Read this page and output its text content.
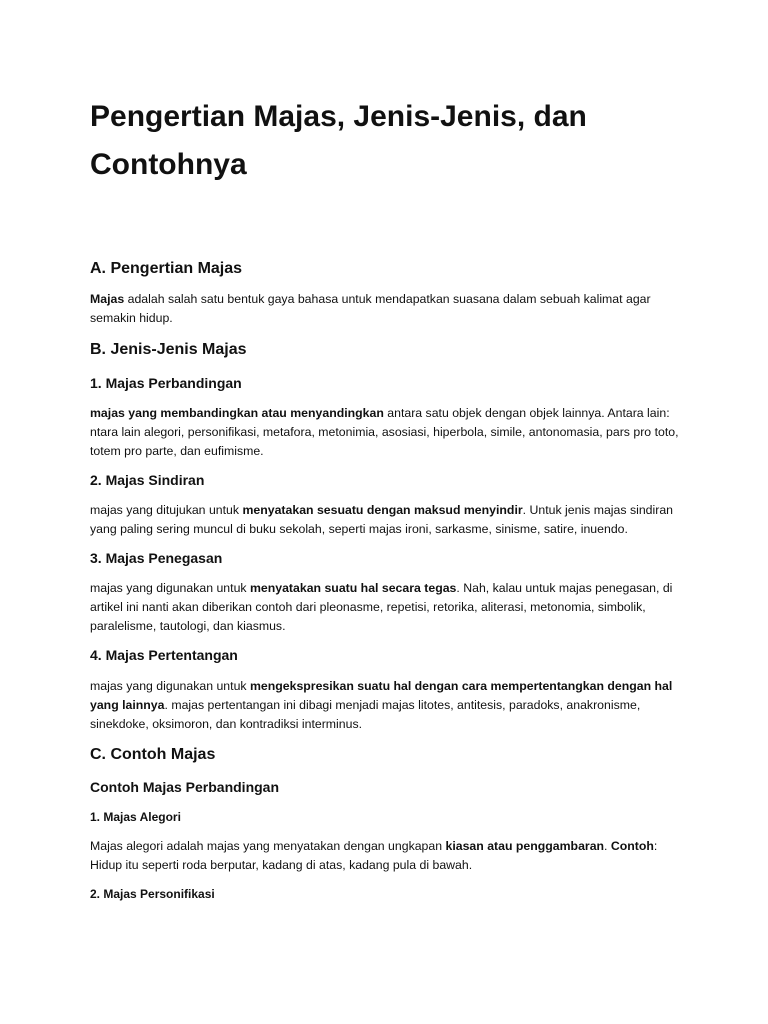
Pengertian Majas, Jenis-Jenis, dan Contohnya
A. Pengertian Majas

Majas adalah salah satu bentuk gaya bahasa untuk mendapatkan suasana dalam sebuah kalimat agar semakin hidup.

B. Jenis-Jenis Majas
1. Majas Perbandingan

majas yang membandingkan atau menyandingkan antara satu objek dengan objek lainnya. Antara lain: ntara lain alegori, personifikasi, metafora, metonimia, asosiasi, hiperbola, simile, antonomasia, pars pro toto, totem pro parte, dan eufimisme.

2. Majas Sindiran

majas yang ditujukan untuk menyatakan sesuatu dengan maksud menyindir. Untuk jenis majas sindiran yang paling sering muncul di buku sekolah, seperti majas ironi, sarkasme, sinisme, satire, inuendo.

3. Majas Penegasan

majas yang digunakan untuk menyatakan suatu hal secara tegas. Nah, kalau untuk majas penegasan, di artikel ini nanti akan diberikan contoh dari pleonasme, repetisi, retorika, aliterasi, metonomia, simbolik, paralelisme, tautologi, dan kiasmus.

4. Majas Pertentangan

majas yang digunakan untuk mengekspresikan suatu hal dengan cara mempertentangkan dengan hal yang lainnya. majas pertentangan ini dibagi menjadi majas litotes, antitesis, paradoks, anakronisme, sinekdoke, oksimoron, dan kontradiksi interminus.

C. Contoh Majas
Contoh Majas Perbandingan
1. Majas Alegori

Majas alegori adalah majas yang menyatakan dengan ungkapan kiasan atau penggambaran. Contoh: Hidup itu seperti roda berputar, kadang di atas, kadang pula di bawah.

2. Majas Personifikasi
